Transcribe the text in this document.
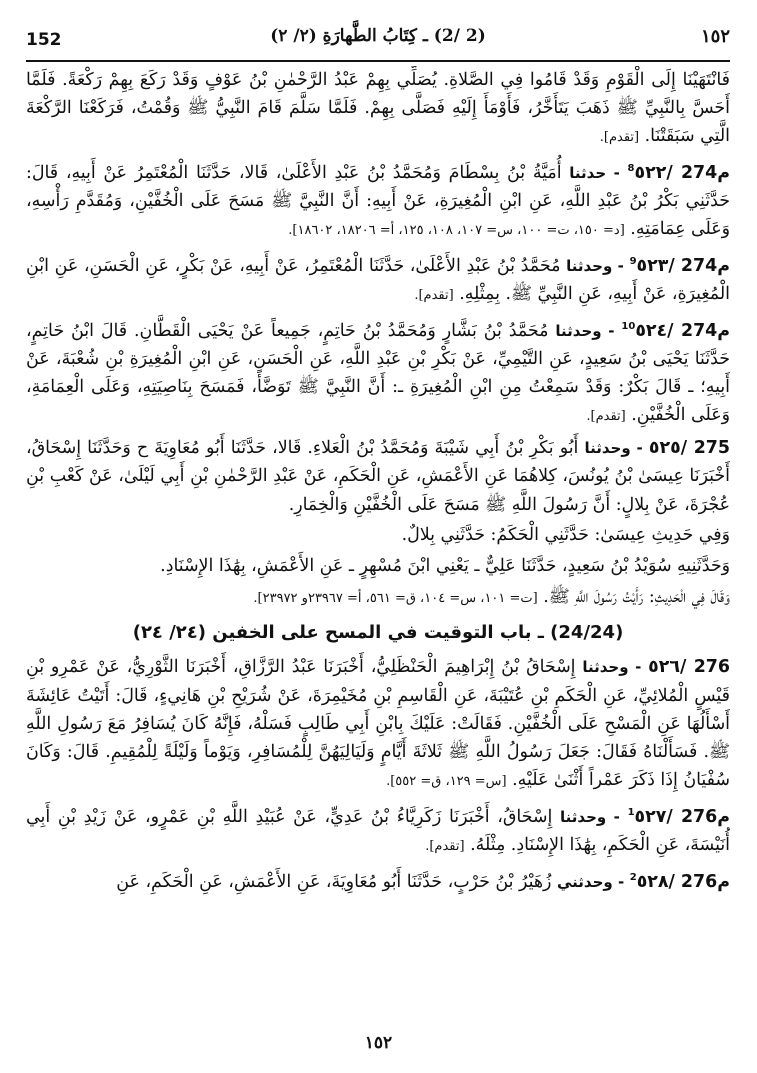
152	(2 /2) ـ كِتَابُ الطَّهارَةِ (٢/ ٢)	١٥٢

فَانْتَهَيْنَا إِلَى الْقَوْمِ وَقَدْ قَامُوا فِي الصَّلاةِ. يُصَلِّي بِهِمْ عَبْدُ الرَّحْمٰنِ بْنُ عَوْفٍ وَقَدْ رَكَعَ بِهِمْ رَكْعَةً. فَلَمَّا أَحَسَّ بِالنَّبِيِّ ﷺ ذَهَبَ يَتَأَخَّرُ، فَأَوْمَأَ إِلَيْهِ فَصَلَّى بِهِمْ. فَلَمَّا سَلَّمَ قَامَ النَّبِيُّ ﷺ وَقُمْتُ، فَرَكَعْنَا الرَّكْعَةَ الَّتِي سَبَقَتْنَا. [تقدم].

٥٢٢/ 274م$^8$ - حدثنا أُمَيَّةُ بْنُ بِسْطَامَ وَمُحَمَّدُ بْنُ عَبْدِ الأَعْلَىٰ، قَالا، حَدَّثَنَا الْمُعْتَمِرُ عَنْ أَبِيهِ، قَالَ: حَدَّثَنِي بَكْرُ بْنُ عَبْدِ اللَّهِ، عَنِ ابْنِ الْمُغِيرَةِ، عَنْ أَبِيهِ: أَنَّ النَّبِيَّ ﷺ مَسَحَ عَلَى الْخُفَّيْنِ، وَمُقَدَّمِ رَأْسِهِ، وَعَلَى عِمَامَتِهِ. [د= ١٥٠، ت= ١٠٠، س= ١٠٧، ١٠٨، ١٢٥، أ= ١٨٢٠٦، ١٨٦٠٢].

٥٢٣/ 274م$^9$ - وحدثنا مُحَمَّدُ بْنُ عَبْدِ الأَعْلَىٰ، حَدَّثَنَا الْمُعْتَمِرُ، عَنْ أَبِيهِ، عَنْ بَكْرٍ، عَنِ الْحَسَنِ، عَنِ ابْنِ الْمُغِيرَةِ، عَنْ أَبِيهِ، عَنِ النَّبِيِّ ﷺ. بِمِثْلِهِ. [تقدم].

٥٢٤/ 274م$^{10}$ - وحدثنا مُحَمَّدُ بْنُ بَشَّارٍ وَمُحَمَّدُ بْنُ حَاتِمٍ، جَمِيعاً عَنْ يَحْيَى الْقَطَّانِ. قَالَ ابْنُ حَاتِمٍ، حَدَّثَنَا يَحْيَى بْنُ سَعِيدٍ، عَنِ التَّيْمِيِّ، عَنْ بَكْرِ بْنِ عَبْدِ اللَّهِ، عَنِ الْحَسَنِ، عَنِ ابْنِ الْمُغِيرَةِ بْنِ شُعْبَةَ، عَنْ أَبِيهِ؛ ـ قَالَ بَكْرٌ: وَقَدْ سَمِعْتُ مِنِ ابْنِ الْمُغِيرَةِ ـ: أَنَّ النَّبِيَّ ﷺ تَوَضَّأَ، فَمَسَحَ بِنَاصِيَتِهِ، وَعَلَى الْعِمَامَةِ، وَعَلَى الْخُفَّيْنِ. [تقدم].

٥٢٥/ 275 - وحدثنا أَبُو بَكْرِ بْنُ أَبِي شَيْبَةَ وَمُحَمَّدُ بْنُ الْعَلاءِ. قَالا، حَدَّثَنَا أَبُو مُعَاوِيَةَ ح وَحَدَّثَنَا إِسْحَاقُ، أَخْبَرَنَا عِيسَىٰ بْنُ يُونُسَ، كِلاهُمَا عَنِ الأَعْمَشِ، عَنِ الْحَكَمِ، عَنْ عَبْدِ الرَّحْمٰنِ بْنِ أَبِي لَيْلَىٰ، عَنْ كَعْبِ بْنِ عُجْرَةَ، عَنْ بِلالٍ: أَنَّ رَسُولَ اللَّهِ ﷺ مَسَحَ عَلَى الْخُفَّيْنِ وَالْخِمَارِ.

وَفِي حَدِيثِ عِيسَىٰ: حَدَّثَنِي الْحَكَمُ: حَدَّثَنِي بِلالٌ.

وَحَدَّثَنِيهِ سُوَيْدُ بْنُ سَعِيدٍ، حَدَّثَنَا عَلِيٌّ ـ يَعْنِي ابْنَ مُسْهِرٍ ـ عَنِ الأَعْمَشِ، بِهَٰذَا الإِسْنَادِ.

وَقَالَ فِي الْحَدِيثِ: رَأَيْتُ رَسُولَ اللَّهِ ﷺ. [ت= ١٠١، س= ١٠٤، ق= ٥٦١، أ= ٢٣٩٦٧و ٢٣٩٧٢].

(24/24) ـ باب التوقيت في المسح على الخفين (٢٤/ ٢٤)

٥٢٦/ 276 - وحدثنا إِسْحَاقُ بْنُ إِبْرَاهِيمَ الْحَنْظَلِيُّ، أَخْبَرَنَا عَبْدُ الرَّزَّاقِ، أَخْبَرَنَا الثَّوْرِيُّ، عَنْ عَمْرِو بْنِ قَيْسٍ الْمُلائِيِّ، عَنِ الْحَكَمِ بْنِ عُتَيْبَةَ، عَنِ الْقَاسِمِ بْنِ مُخَيْمِرَةَ، عَنْ شُرَيْحِ بْنِ هَانِيءٍ، قَالَ: أَتَيْتُ عَائِشَةَ أَسْأَلُهَا عَنِ الْمَسْحِ عَلَى الْخُفَّيْنِ. فَقَالَتْ: عَلَيْكَ بِابْنِ أَبِي طَالِبٍ فَسَلْهُ، فَإِنَّهُ كَانَ يُسَافِرُ مَعَ رَسُولِ اللَّهِ ﷺ. فَسَأَلْنَاهُ فَقَالَ: جَعَلَ رَسُولُ اللَّهِ ﷺ ثَلاثَةَ أَيَّامٍ وَلَيَالِيَهُنَّ لِلْمُسَافِرِ، وَيَوْماً وَلَيْلَةً لِلْمُقِيمِ. قَالَ: وَكَانَ سُفْيَانُ إِذَا ذَكَرَ عَمْراً أَثْنَىٰ عَلَيْهِ. [س= ١٢٩، ق= ٥٥٢].

٥٢٧/ 276م$^1$ - وحدثنا إِسْحَاقُ، أَخْبَرَنَا زَكَرِيَّاءُ بْنُ عَدِيٍّ، عَنْ عُبَيْدِ اللَّهِ بْنِ عَمْرٍو، عَنْ زَيْدِ بْنِ أَبِي أُنَيْسَةَ، عَنِ الْحَكَمِ، بِهَٰذَا الإِسْنَادِ. مِثْلَهُ. [تقدم].

٥٢٨/ 276م$^2$ - وحدثني زُهَيْرُ بْنُ حَرْبٍ، حَدَّثَنَا أَبُو مُعَاوِيَةَ، عَنِ الأَعْمَشِ، عَنِ الْحَكَمِ، عَنِ

١٥٢
